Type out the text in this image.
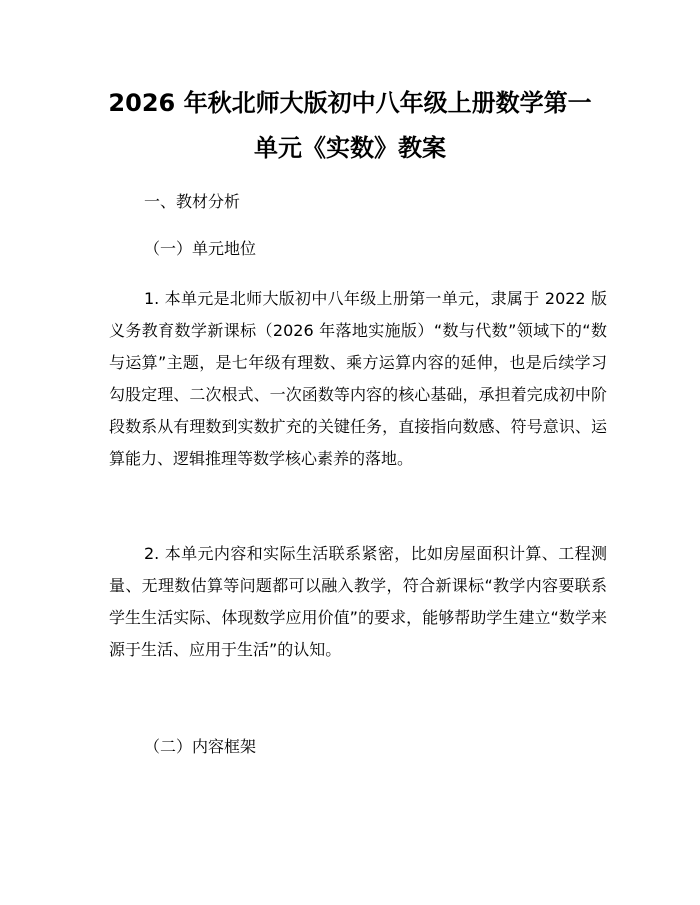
2026 年秋北师大版初中八年级上册数学第一
单元《实数》教案
一、教材分析
（一）单元地位
1. 本单元是北师大版初中八年级上册第一单元，隶属于 2022 版义务教育数学新课标（2026 年落地实施版）“数与代数”领域下的“数与运算”主题，是七年级有理数、乘方运算内容的延伸，也是后续学习勾股定理、二次根式、一次函数等内容的核心基础，承担着完成初中阶段数系从有理数到实数扩充的关键任务，直接指向数感、符号意识、运算能力、逻辑推理等数学核心素养的落地。
2. 本单元内容和实际生活联系紧密，比如房屋面积计算、工程测量、无理数估算等问题都可以融入教学，符合新课标“教学内容要联系学生生活实际、体现数学应用价值”的要求，能够帮助学生建立“数学来源于生活、应用于生活”的认知。
（二）内容框架
